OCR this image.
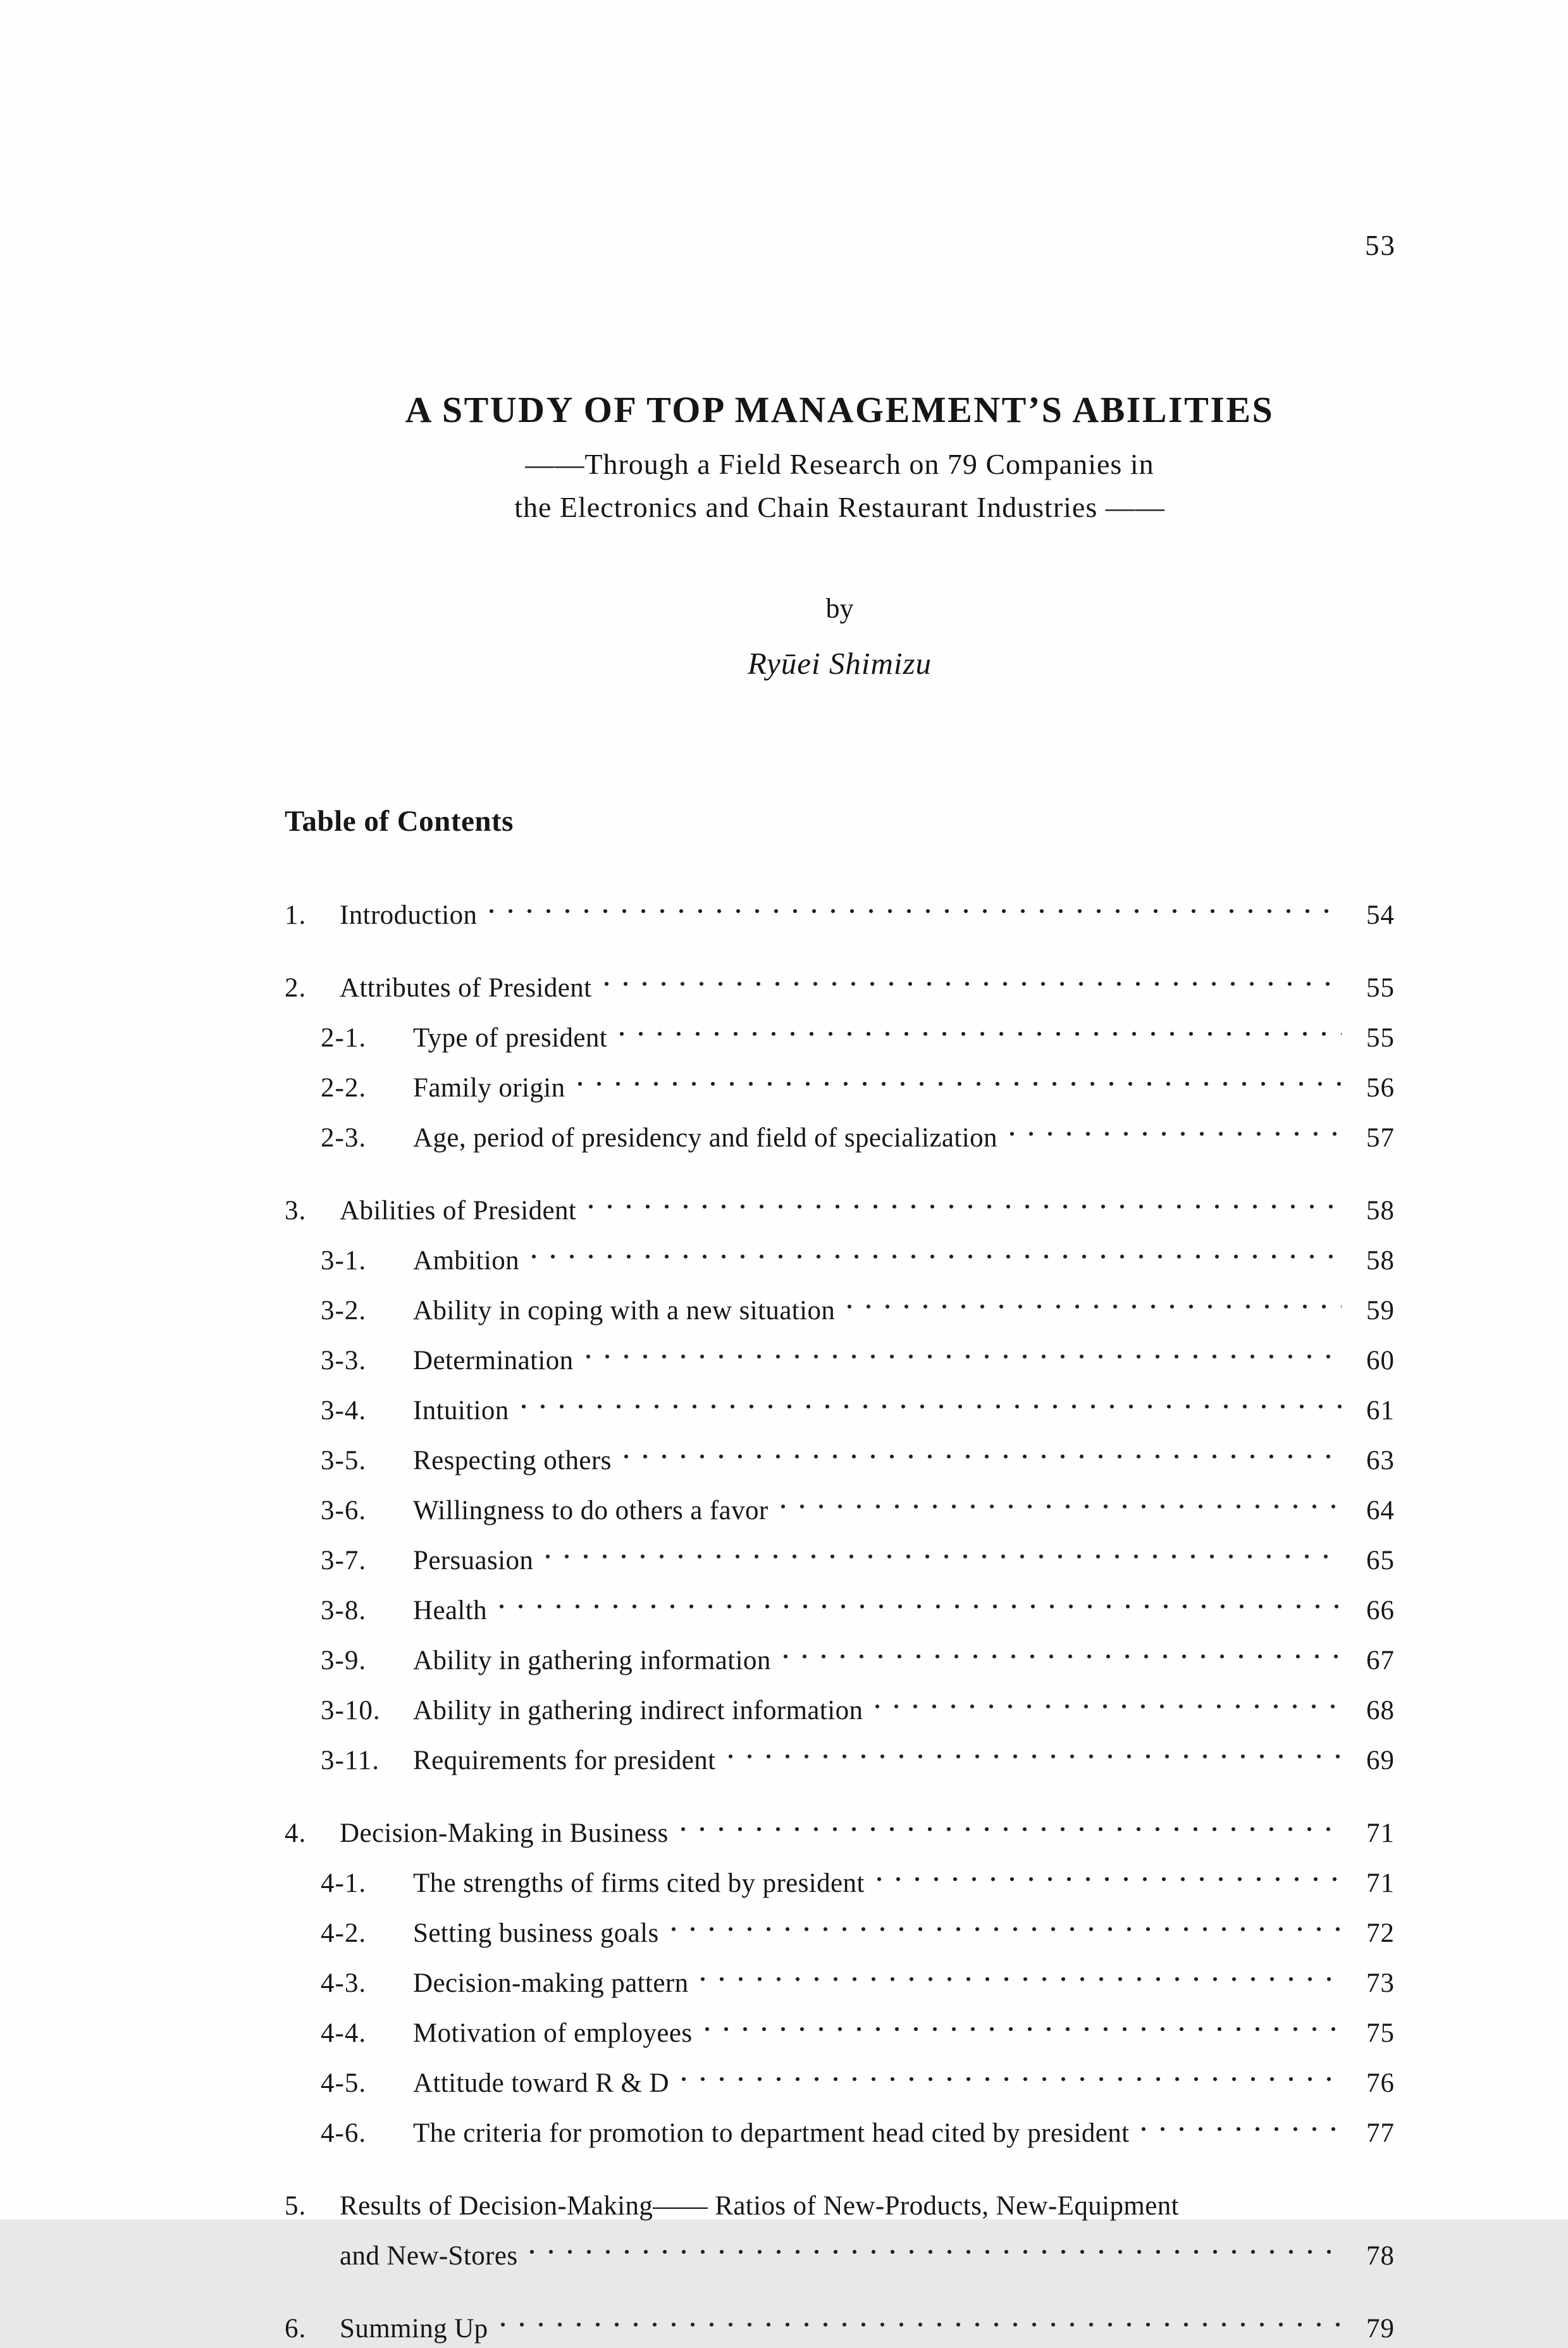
53
A STUDY OF TOP MANAGEMENT’S ABILITIES
——Through a Field Research on 79 Companies in
the Electronics and Chain Restaurant Industries ——
by
Ryūei Shimizu
Table of Contents
1.	Introduction	54
2.	Attributes of President	55
2-1.	Type of president	55
2-2.	Family origin	56
2-3.	Age, period of presidency and field of specialization	57
3.	Abilities of President	58
3-1.	Ambition	58
3-2.	Ability in coping with a new situation	59
3-3.	Determination	60
3-4.	Intuition	61
3-5.	Respecting others	63
3-6.	Willingness to do others a favor	64
3-7.	Persuasion	65
3-8.	Health	66
3-9.	Ability in gathering information	67
3-10.	Ability in gathering indirect information	68
3-11.	Requirements for president	69
4.	Decision-Making in Business	71
4-1.	The strengths of firms cited by president	71
4-2.	Setting business goals	72
4-3.	Decision-making pattern	73
4-4.	Motivation of employees	75
4-5.	Attitude toward R & D	76
4-6.	The criteria for promotion to department head cited by president	77
5.	Results of Decision-Making—— Ratios of New-Products, New-Equipment
and New-Stores	78
6.	Summing Up	79
